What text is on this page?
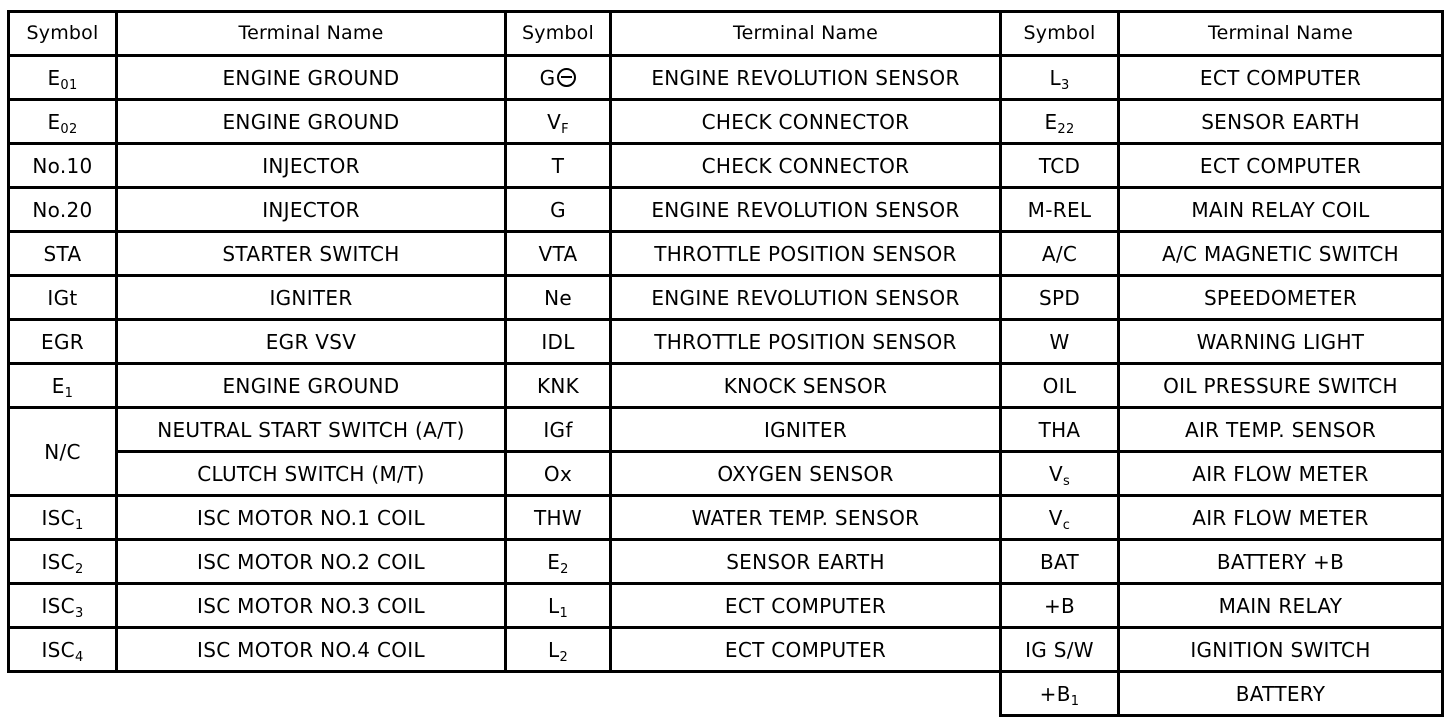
Symbol	Terminal Name
$E_{01}$	ENGINE GROUND
$E_{02}$	ENGINE GROUND
No.10	INJECTOR
No.20	INJECTOR
STA	STARTER SWITCH
IGt	IGNITER
EGR	EGR VSV
$E_1$	ENGINE GROUND
N/C	NEUTRAL START SWITCH (A/T)
	CLUTCH SWITCH (M/T)
$ISC_1$	ISC MOTOR NO.1 COIL
$ISC_2$	ISC MOTOR NO.2 COIL
$ISC_3$	ISC MOTOR NO.3 COIL
$ISC_4$	ISC MOTOR NO.4 COIL
Symbol	Terminal Name
G	ENGINE REVOLUTION SENSOR
$V_F$	CHECK CONNECTOR
T	CHECK CONNECTOR
G	ENGINE REVOLUTION SENSOR
VTA	THROTTLE POSITION SENSOR
Ne	ENGINE REVOLUTION SENSOR
IDL	THROTTLE POSITION SENSOR
KNK	KNOCK SENSOR
IGf	IGNITER
Ox	OXYGEN SENSOR
THW	WATER TEMP. SENSOR
$E_2$	SENSOR EARTH
$L_1$	ECT COMPUTER
$L_2$	ECT COMPUTER
Symbol	Terminal Name
$L_3$	ECT COMPUTER
$E_{22}$	SENSOR EARTH
TCD	ECT COMPUTER
M-REL	MAIN RELAY COIL
A/C	A/C MAGNETIC SWITCH
SPD	SPEEDOMETER
W	WARNING LIGHT
OIL	OIL PRESSURE SWITCH
THA	AIR TEMP. SENSOR
$V_s$	AIR FLOW METER
$V_c$	AIR FLOW METER
BAT	BATTERY +B
+B	MAIN RELAY
IG S/W	IGNITION SWITCH
$+B_1$	BATTERY
